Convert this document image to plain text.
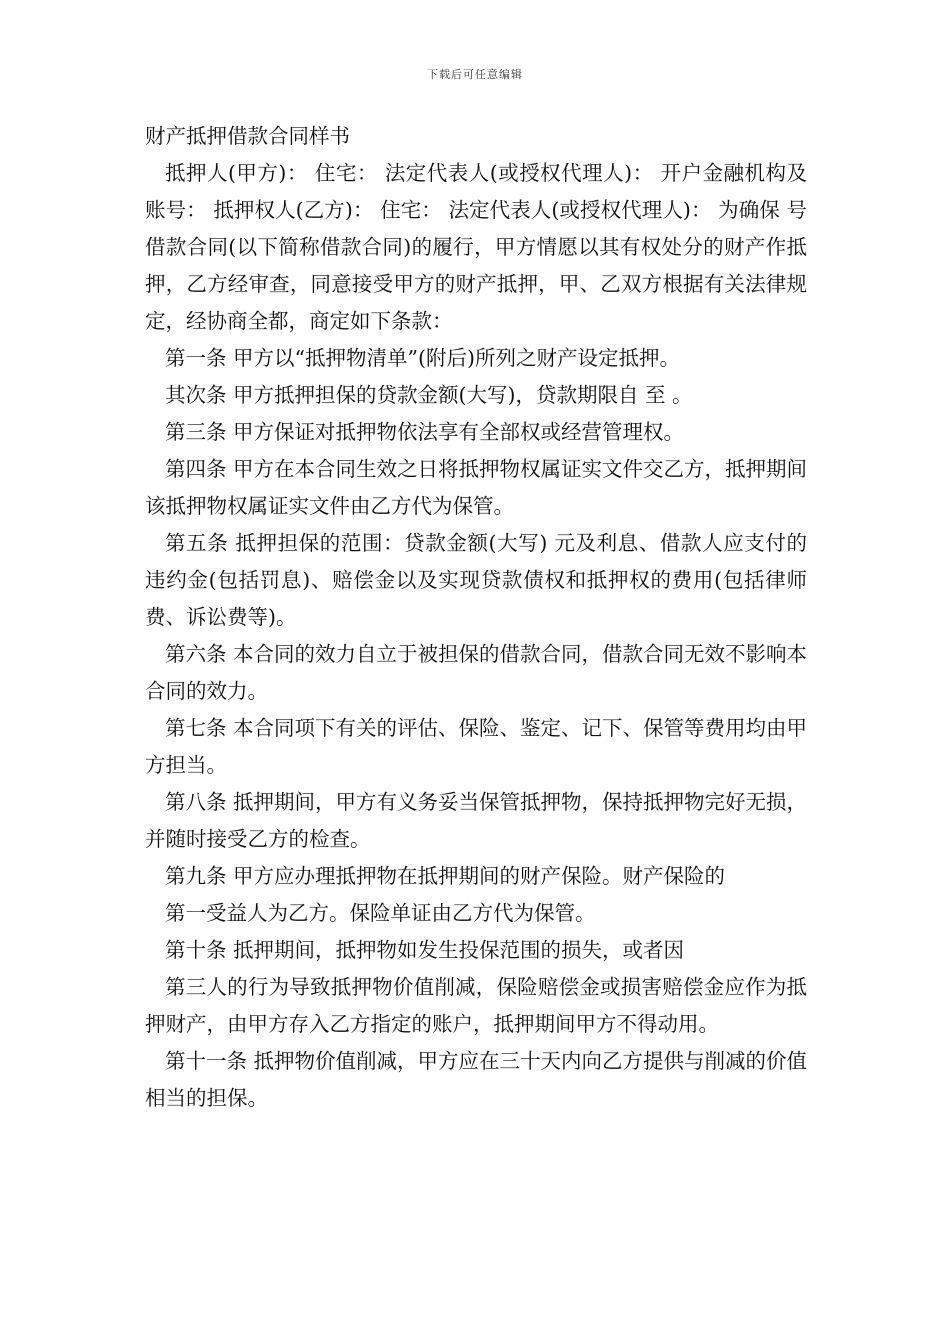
下载后可任意编辑

财产抵押借款合同样书

抵押人(甲方)： 住宅： 法定代表人(或授权代理人)： 开户金融机构及账号： 抵押权人(乙方)： 住宅： 法定代表人(或授权代理人)： 为确保 号借款合同(以下简称借款合同)的履行，甲方情愿以其有权处分的财产作抵押，乙方经审查，同意接受甲方的财产抵押，甲、乙双方根据有关法律规定，经协商全都，商定如下条款：

第一条 甲方以“抵押物清单”(附后)所列之财产设定抵押。

其次条 甲方抵押担保的贷款金额(大写)，贷款期限自 至 。

第三条 甲方保证对抵押物依法享有全部权或经营管理权。

第四条 甲方在本合同生效之日将抵押物权属证实文件交乙方，抵押期间该抵押物权属证实文件由乙方代为保管。

第五条 抵押担保的范围：贷款金额(大写) 元及利息、借款人应支付的违约金(包括罚息)、赔偿金以及实现贷款债权和抵押权的费用(包括律师费、诉讼费等)。

第六条 本合同的效力自立于被担保的借款合同，借款合同无效不影响本合同的效力。

第七条 本合同项下有关的评估、保险、鉴定、记下、保管等费用均由甲方担当。

第八条 抵押期间，甲方有义务妥当保管抵押物，保持抵押物完好无损，并随时接受乙方的检查。

第九条 甲方应办理抵押物在抵押期间的财产保险。财产保险的

第一受益人为乙方。保险单证由乙方代为保管。

第十条 抵押期间，抵押物如发生投保范围的损失，或者因

第三人的行为导致抵押物价值削减，保险赔偿金或损害赔偿金应作为抵押财产，由甲方存入乙方指定的账户，抵押期间甲方不得动用。

第十一条 抵押物价值削减，甲方应在三十天内向乙方提供与削减的价值相当的担保。
